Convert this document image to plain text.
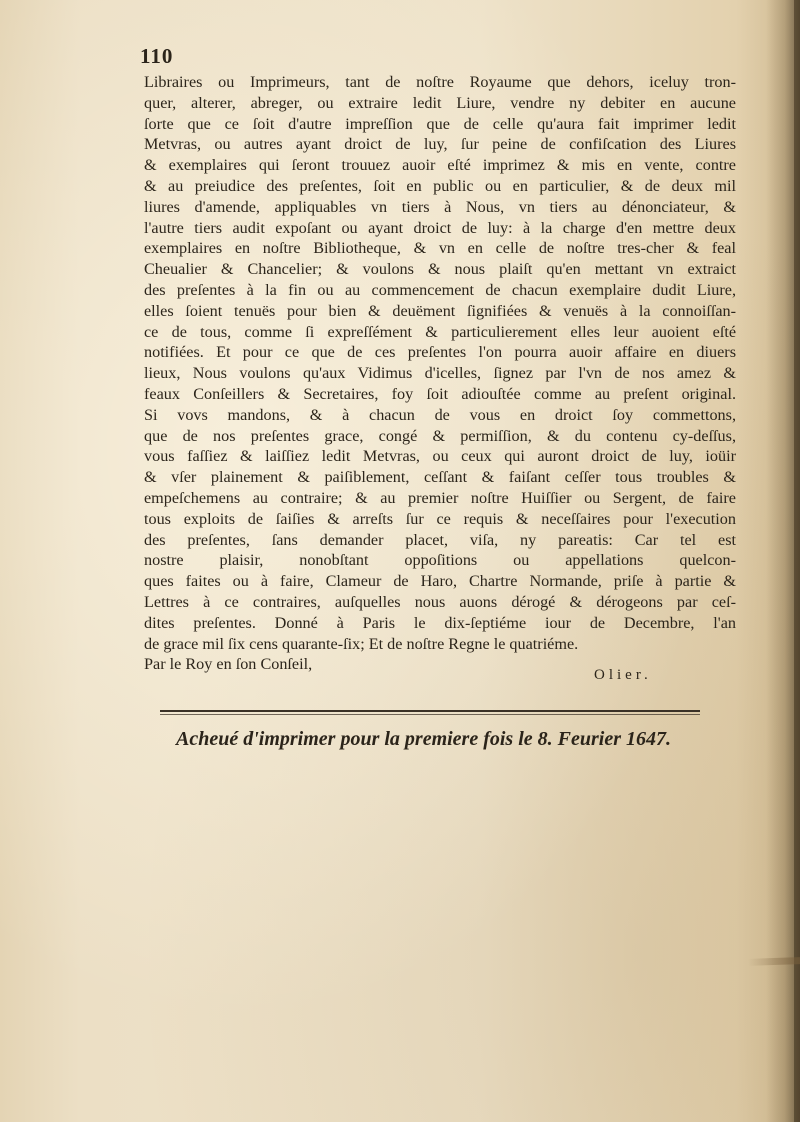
110
Libraires ou Imprimeurs, tant de noſtre Royaume que dehors, iceluy tron-
quer, alterer, abreger, ou extraire ledit Liure, vendre ny debiter en aucune
ſorte que ce ſoit d'autre impreſſion que de celle qu'aura fait imprimer ledit
Metvras, ou autres ayant droict de luy, ſur peine de confiſcation des Liures
& exemplaires qui ſeront trouuez auoir eſté imprimez & mis en vente, contre
& au preiudice des preſentes, ſoit en public ou en particulier, & de deux mil
liures d'amende, appliquables vn tiers à Nous, vn tiers au dénonciateur, &
l'autre tiers audit expoſant ou ayant droict de luy: à la charge d'en mettre deux
exemplaires en noſtre Bibliotheque, & vn en celle de noſtre tres-cher & feal
Cheualier & Chancelier; & voulons & nous plaiſt qu'en mettant vn extraict
des preſentes à la fin ou au commencement de chacun exemplaire dudit Liure,
elles ſoient tenuës pour bien & deuëment ſignifiées & venuës à la connoiſſan-
ce de tous, comme ſi expreſſément & particulierement elles leur auoient eſté
notifiées. Et pour ce que de ces preſentes l'on pourra auoir affaire en diuers
lieux, Nous voulons qu'aux Vidimus d'icelles, ſignez par l'vn de nos amez &
feaux Conſeillers & Secretaires, foy ſoit adiouſtée comme au preſent original.
Si vovs mandons, & à chacun de vous en droict ſoy commettons,
que de nos preſentes grace, congé & permiſſion, & du contenu cy-deſſus,
vous faſſiez & laiſſiez ledit Metvras, ou ceux qui auront droict de luy, ioüir
& vſer plainement & paiſiblement, ceſſant & faiſant ceſſer tous troubles &
empeſchemens au contraire; & au premier noſtre Huiſſier ou Sergent, de faire
tous exploits de ſaiſies & arreſts ſur ce requis & neceſſaires pour l'execution
des preſentes, ſans demander placet, viſa, ny pareatis: Car tel est
nostre plaisir, nonobſtant oppoſitions ou appellations quelcon-
ques faites ou à faire, Clameur de Haro, Chartre Normande, priſe à partie &
Lettres à ce contraires, auſquelles nous auons dérogé & dérogeons par ceſ-
dites preſentes. Donné à Paris le dix-ſeptiéme iour de Decembre, l'an
de grace mil ſix cens quarante-ſix; Et de noſtre Regne le quatriéme.
Par le Roy en ſon Conſeil,
Olier.
Acheué d'imprimer pour la premiere fois le 8. Feurier 1647.
